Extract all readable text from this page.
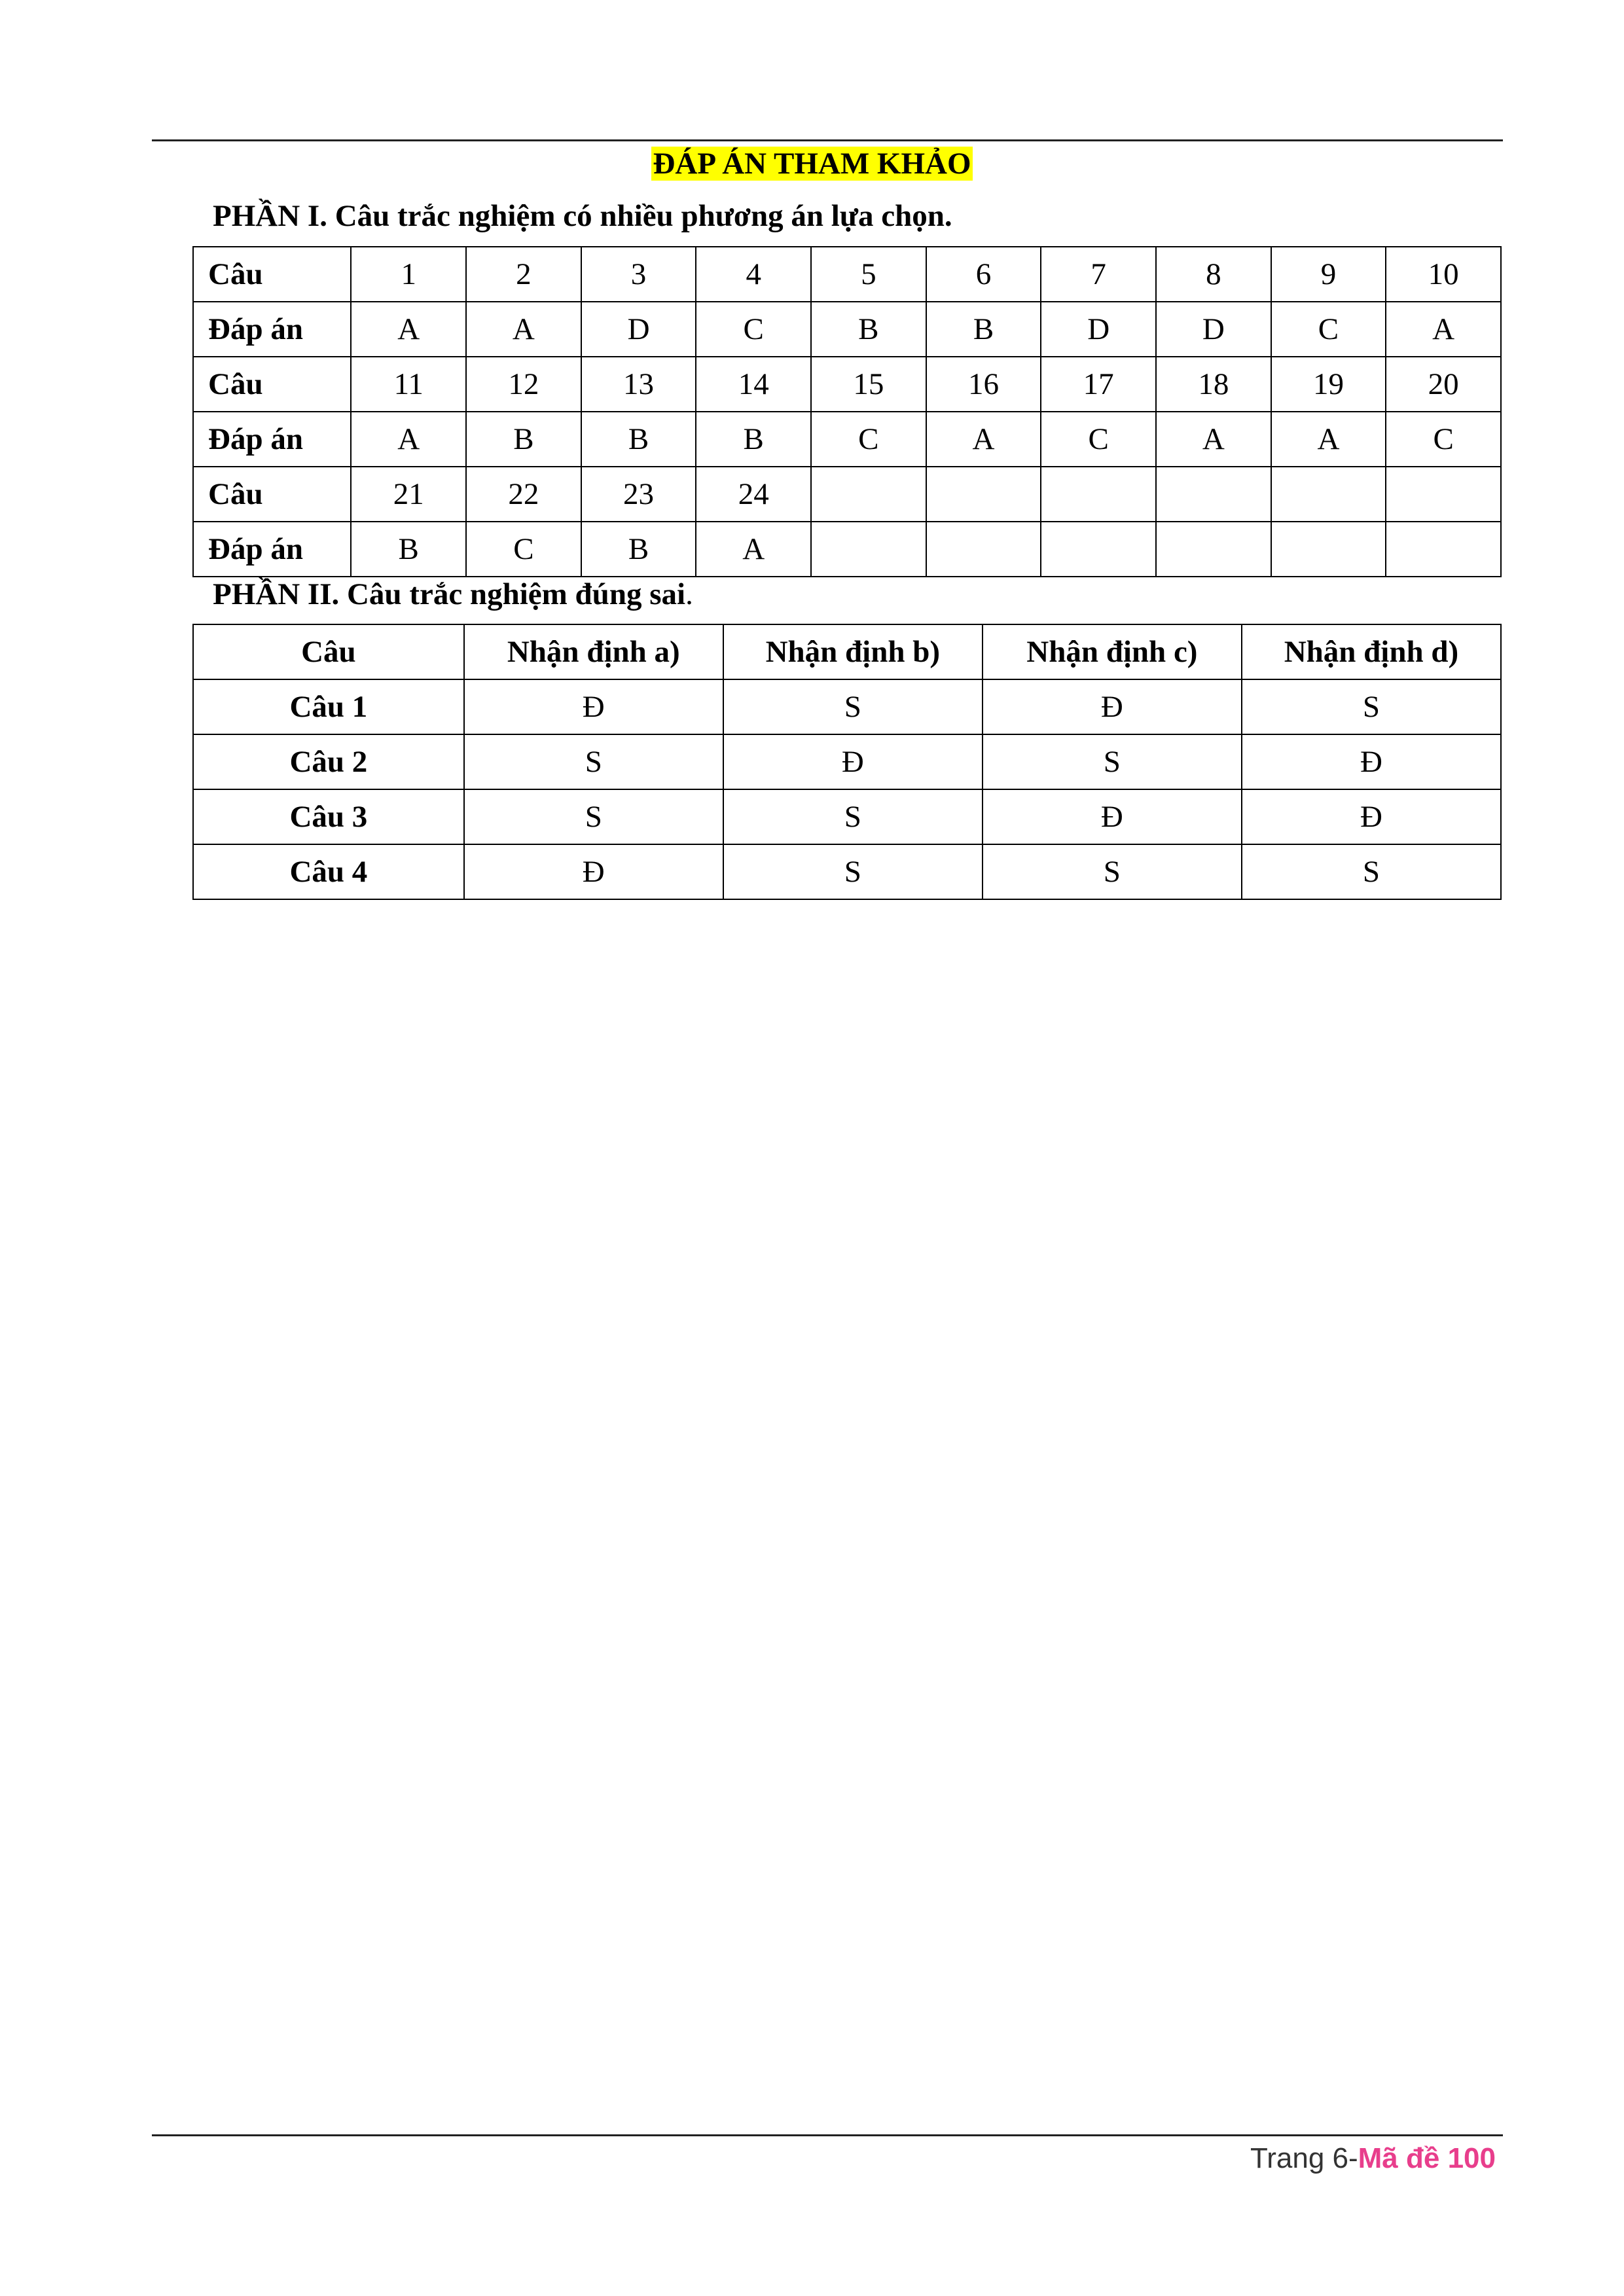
ĐÁP ÁN THAM KHẢO
PHẦN I. Câu trắc nghiệm có nhiều phương án lựa chọn.
Câu	1	2	3	4	5	6	7	8	9	10
Đáp án	A	A	D	C	B	B	D	D	C	A
Câu	11	12	13	14	15	16	17	18	19	20
Đáp án	A	B	B	B	C	A	C	A	A	C
Câu	21	22	23	24						
Đáp án	B	C	B	A						
PHẦN II. Câu trắc nghiệm đúng sai.
Câu	Nhận định a)	Nhận định b)	Nhận định c)	Nhận định d)
Câu 1	Đ	S	Đ	S
Câu 2	S	Đ	S	Đ
Câu 3	S	S	Đ	Đ
Câu 4	Đ	S	S	S
Trang 6-Mã đề 100
